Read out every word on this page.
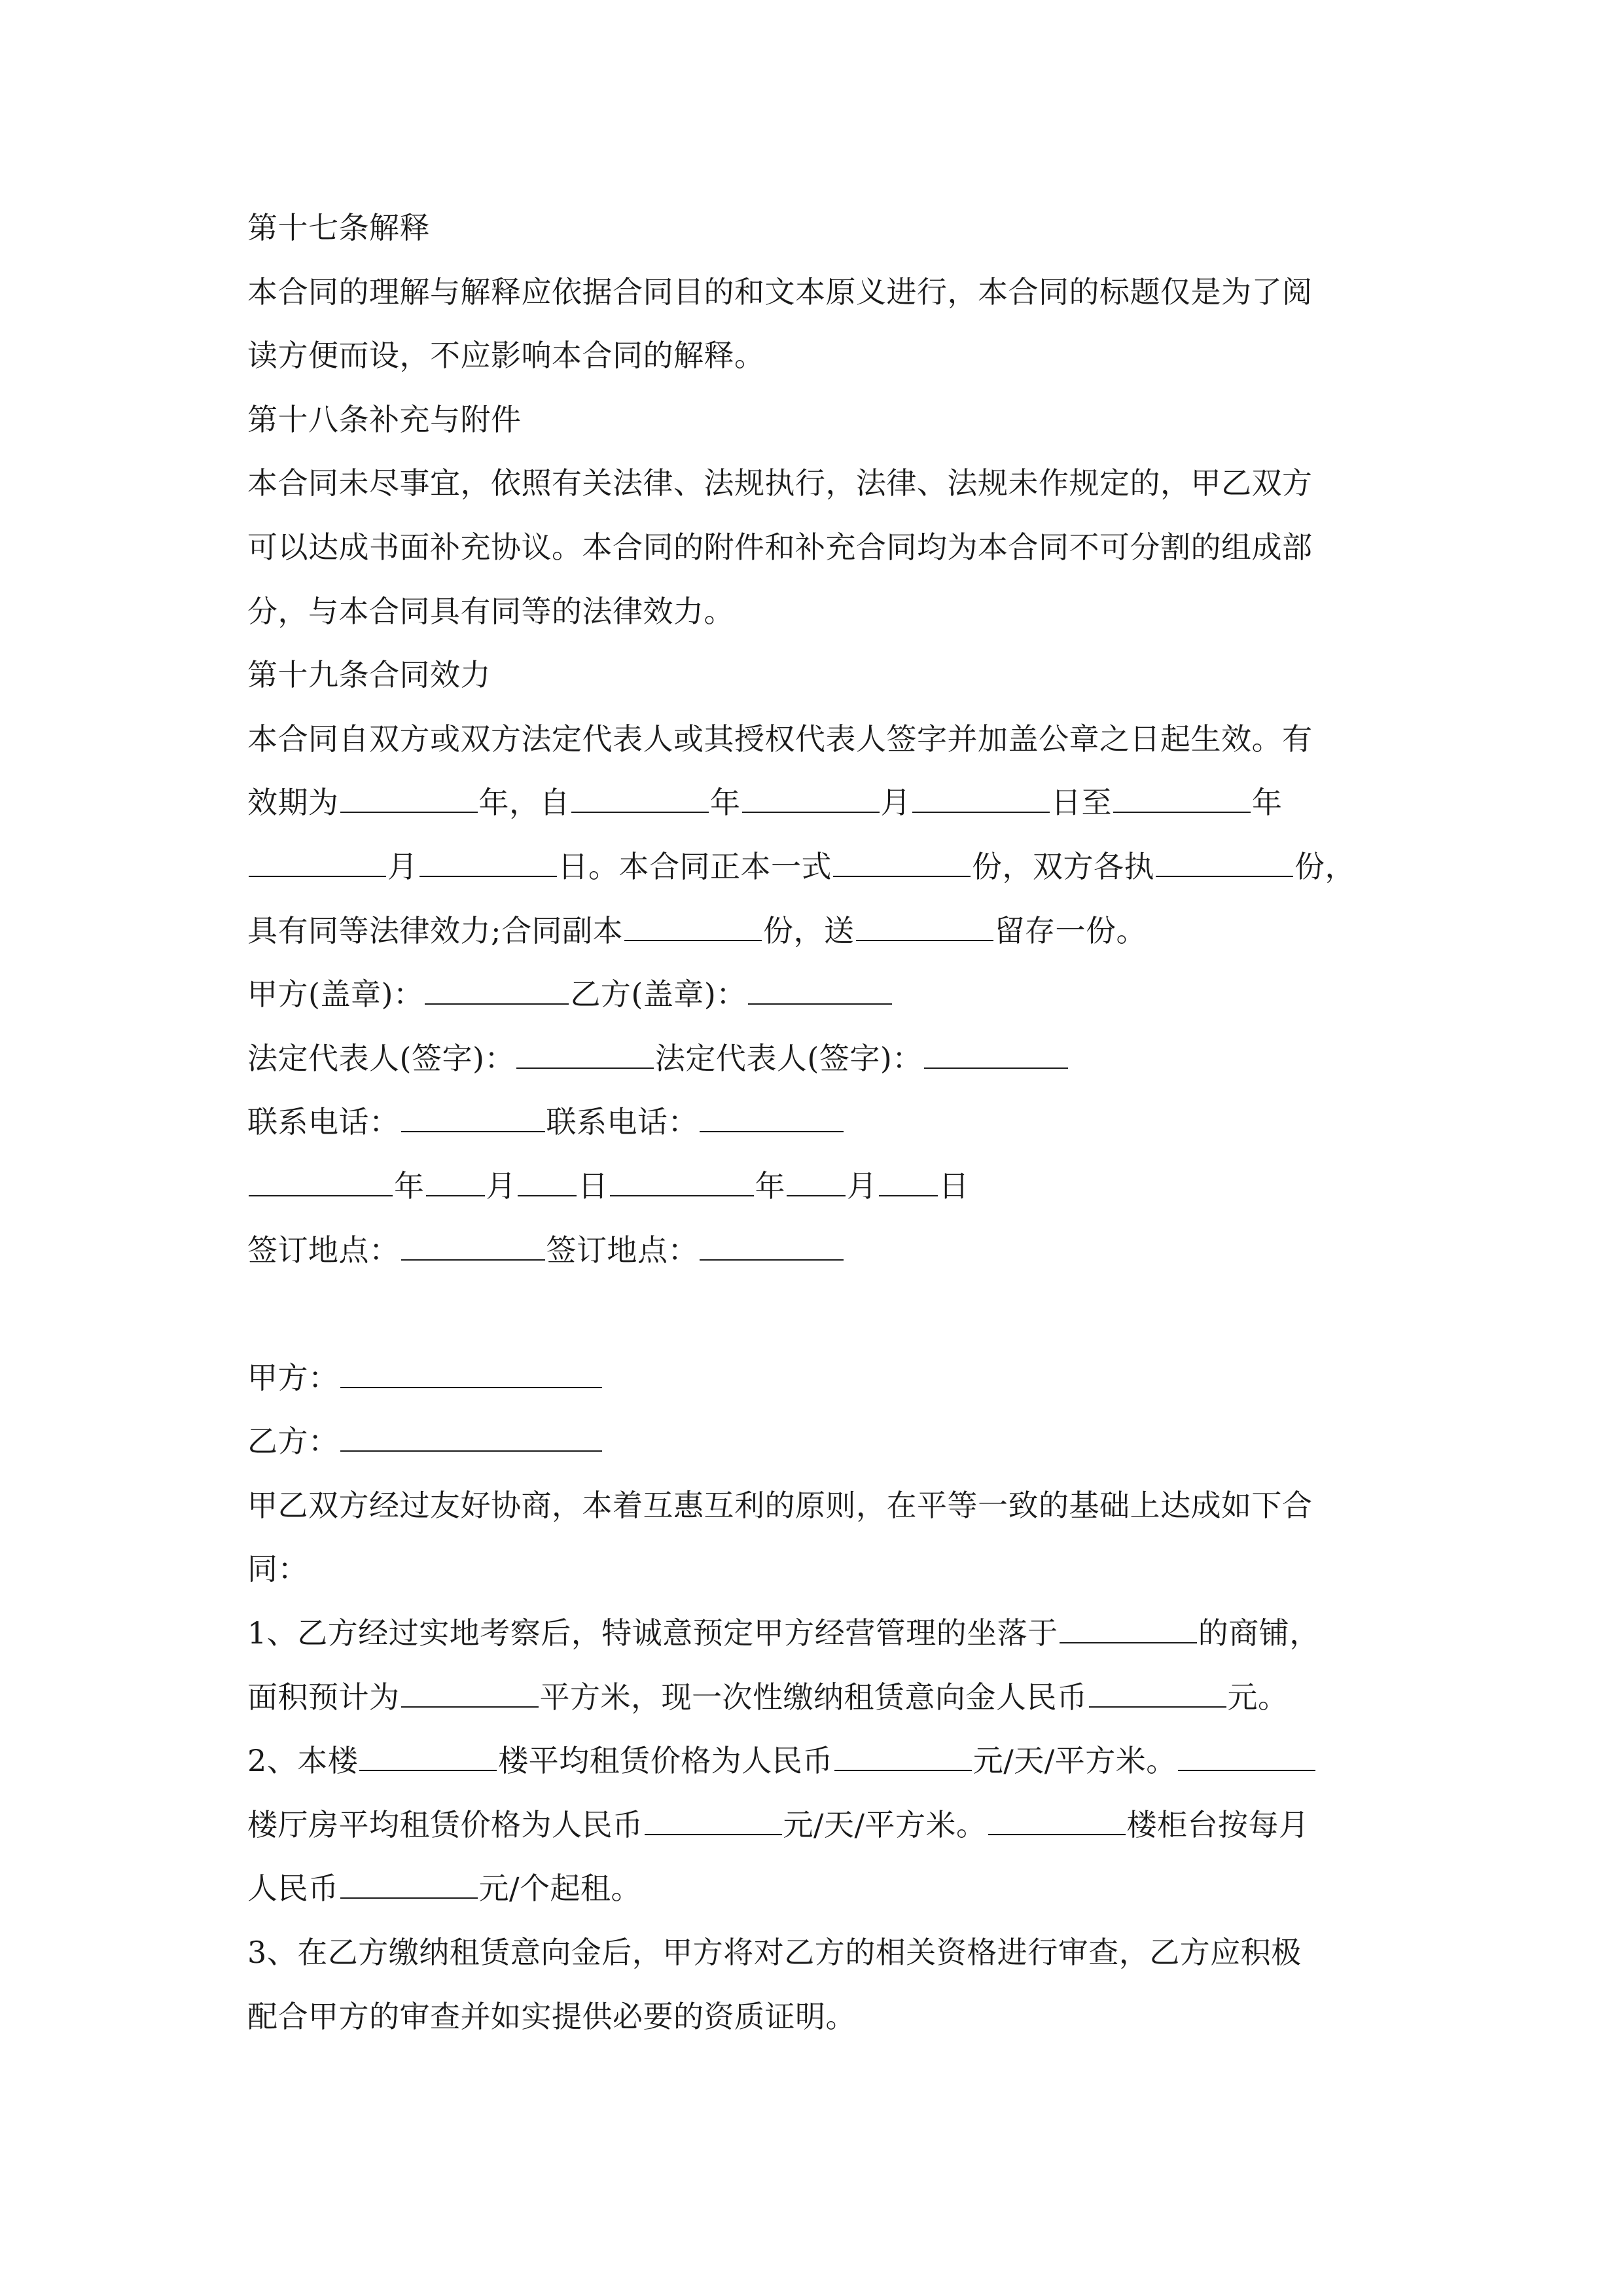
第十七条解释
本合同的理解与解释应依据合同目的和文本原义进行，本合同的标题仅是为了阅
读方便而设，不应影响本合同的解释。
第十八条补充与附件
本合同未尽事宜，依照有关法律、法规执行，法律、法规未作规定的，甲乙双方
可以达成书面补充协议。本合同的附件和补充合同均为本合同不可分割的组成部
分，与本合同具有同等的法律效力。
第十九条合同效力
本合同自双方或双方法定代表人或其授权代表人签字并加盖公章之日起生效。有
效期为	年，自	年	月	日至	年
月	日。本合同正本一式	份，双方各执	份，
具有同等法律效力;合同副本	份，送	留存一份。
甲方(盖章)：	乙方(盖章)：
法定代表人(签字)：	法定代表人(签字)：
联系电话：	联系电话：
年 月 日	年 月 日
签订地点：	签订地点：
甲方：
乙方：
甲乙双方经过友好协商，本着互惠互利的原则，在平等一致的基础上达成如下合
同：
1、乙方经过实地考察后，特诚意预定甲方经营管理的坐落于	的商铺，
面积预计为	平方米，现一次性缴纳租赁意向金人民币	元。
2、本楼	楼平均租赁价格为人民币	元/天/平方米。
楼厅房平均租赁价格为人民币	元/天/平方米。	楼柜台按每月
人民币	元/个起租。
3、在乙方缴纳租赁意向金后，甲方将对乙方的相关资格进行审查，乙方应积极
配合甲方的审查并如实提供必要的资质证明。
